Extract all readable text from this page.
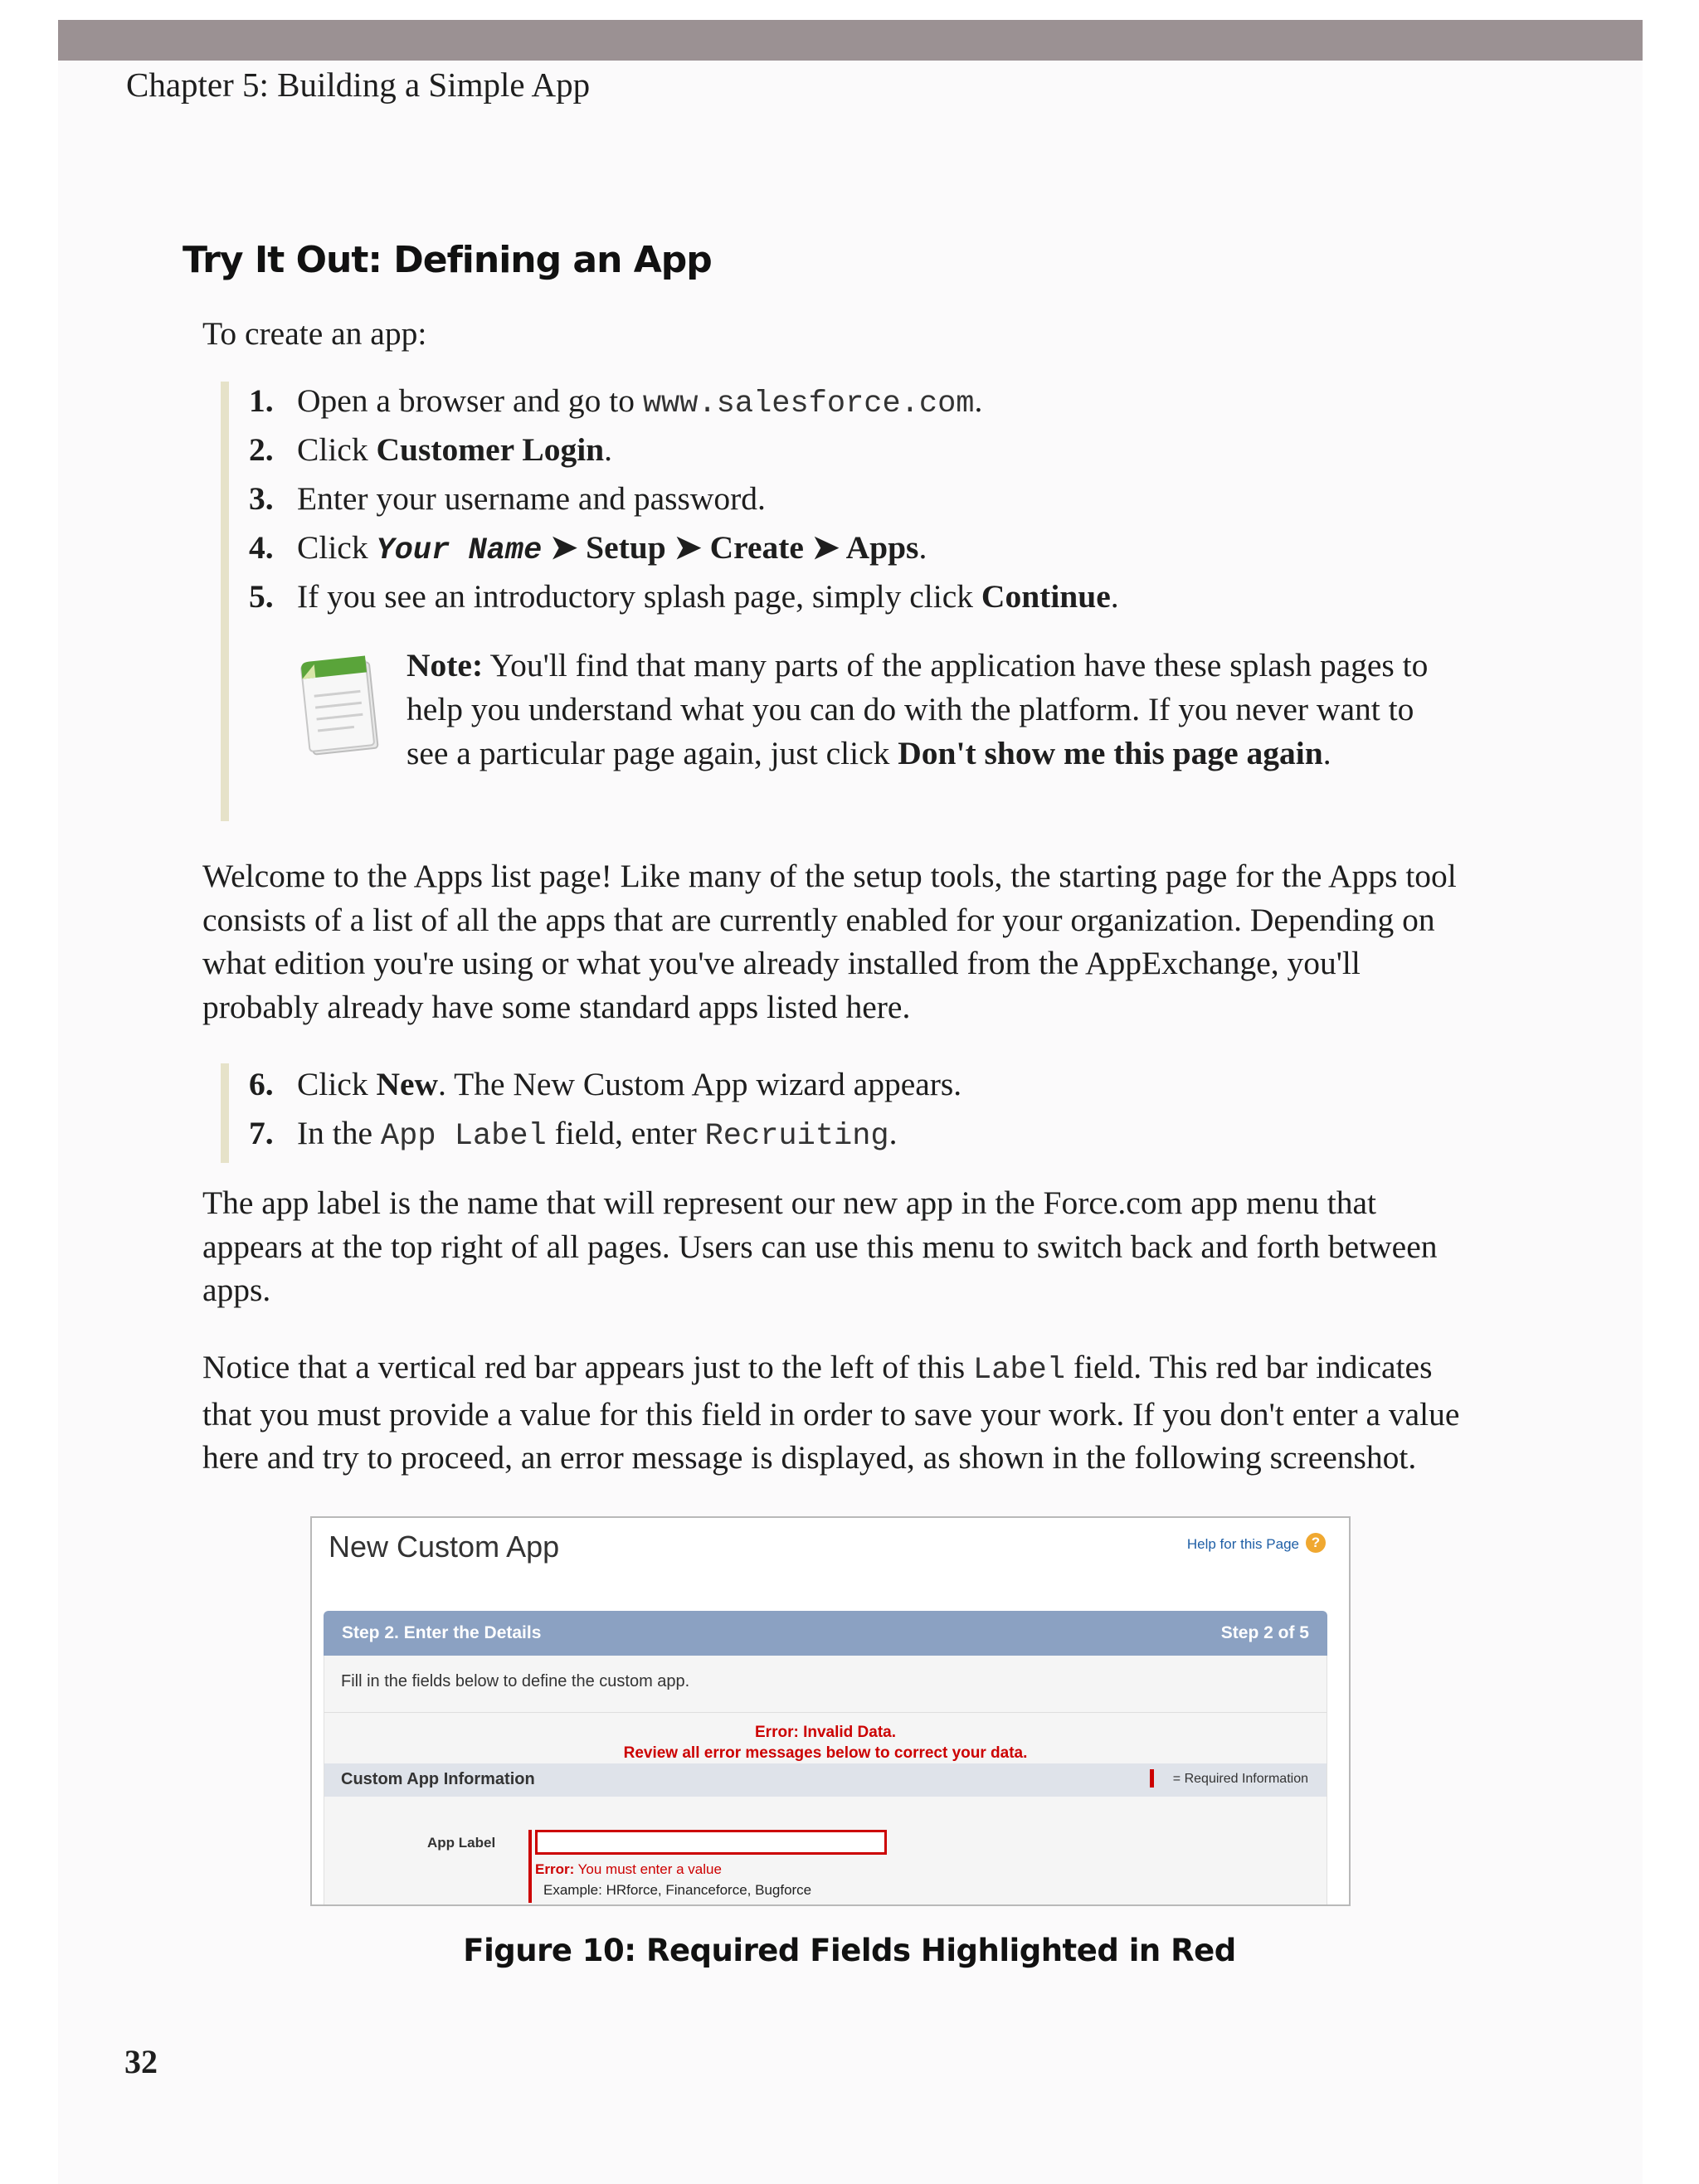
Chapter 5: Building a Simple App
Try It Out: Defining an App

To create an app:

1. Open a browser and go to www.salesforce.com.
2. Click Customer Login.
3. Enter your username and password.
4. Click Your Name ➤ Setup ➤ Create ➤ Apps.
5. If you see an introductory splash page, simply click Continue.

Note: You'll find that many parts of the application have these splash pages to help you understand what you can do with the platform. If you never want to see a particular page again, just click Don't show me this page again.

Welcome to the Apps list page! Like many of the setup tools, the starting page for the Apps tool consists of a list of all the apps that are currently enabled for your organization. Depending on what edition you're using or what you've already installed from the AppExchange, you'll probably already have some standard apps listed here.

6. Click New. The New Custom App wizard appears.
7. In the App Label field, enter Recruiting.

The app label is the name that will represent our new app in the Force.com app menu that appears at the top right of all pages. Users can use this menu to switch back and forth between apps.

Notice that a vertical red bar appears just to the left of this Label field. This red bar indicates that you must provide a value for this field in order to save your work. If you don't enter a value here and try to proceed, an error message is displayed, as shown in the following screenshot.

New Custom App	Help for this Page ?
Step 2. Enter the Details	Step 2 of 5
Fill in the fields below to define the custom app.
Error: Invalid Data.
Review all error messages below to correct your data.
Custom App Information	= Required Information
App Label
Error: You must enter a value
Example: HRforce, Financeforce, Bugforce
Figure 10: Required Fields Highlighted in Red
32
